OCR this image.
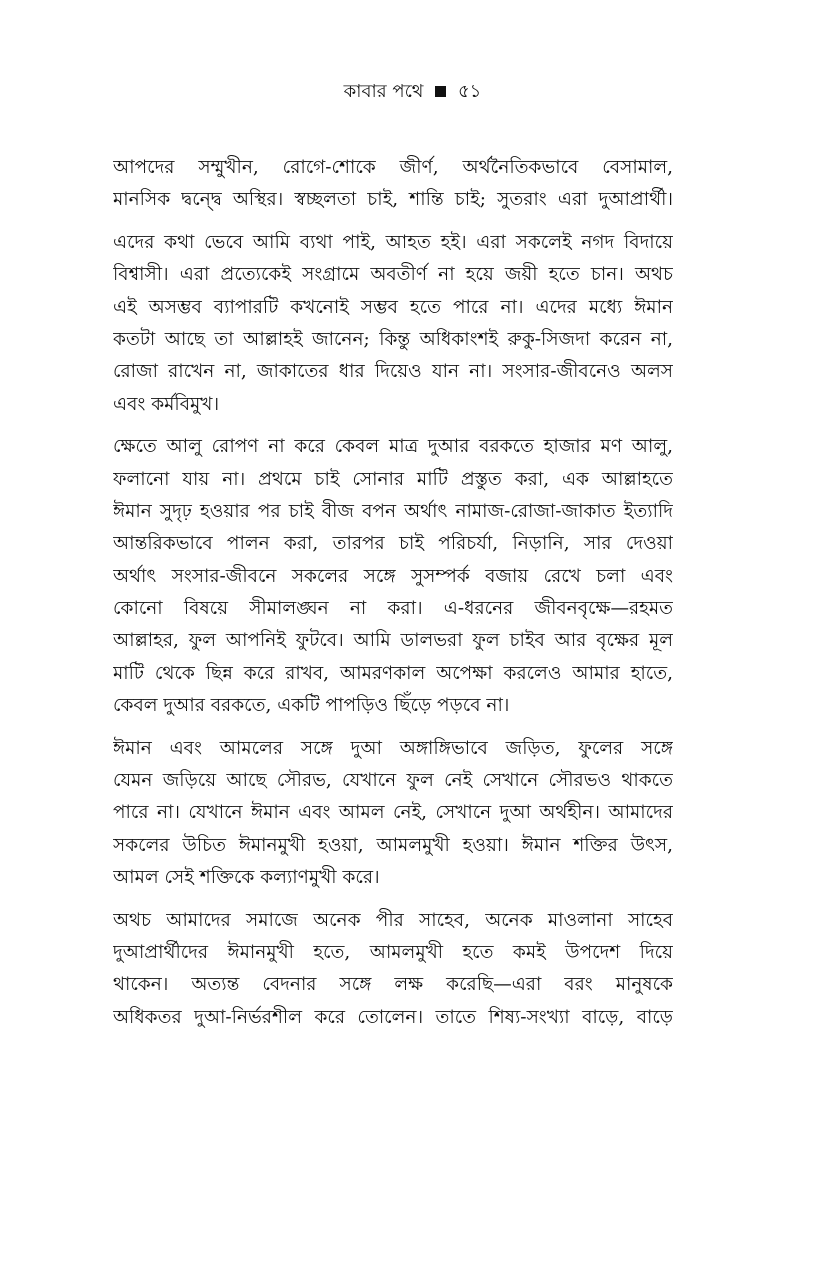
কাবার পথে ৫১
আপদের সম্মুখীন, রোগে-শোকে জীর্ণ, অর্থনৈতিকভাবে বেসামাল,
মানসিক দ্বন্দ্বে অস্থির। স্বচ্ছলতা চাই, শান্তি চাই; সুতরাং এরা দুআপ্রার্থী।
এদের কথা ভেবে আমি ব্যথা পাই, আহত হই। এরা সকলেই নগদ বিদায়ে
বিশ্বাসী। এরা প্রত্যেকেই সংগ্রামে অবতীর্ণ না হয়ে জয়ী হতে চান। অথচ
এই অসম্ভব ব্যাপারটি কখনোই সম্ভব হতে পারে না। এদের মধ্যে ঈমান
কতটা আছে তা আল্লাহই জানেন; কিন্তু অধিকাংশই রুকু-সিজদা করেন না,
রোজা রাখেন না, জাকাতের ধার দিয়েও যান না। সংসার-জীবনেও অলস
এবং কর্মবিমুখ।
ক্ষেতে আলু রোপণ না করে কেবল মাত্র দুআর বরকতে হাজার মণ আলু,
ফলানো যায় না। প্রথমে চাই সোনার মাটি প্রস্তুত করা, এক আল্লাহতে
ঈমান সুদৃঢ় হওয়ার পর চাই বীজ বপন অর্থাৎ নামাজ-রোজা-জাকাত ইত্যাদি
আন্তরিকভাবে পালন করা, তারপর চাই পরিচর্যা, নিড়ানি, সার দেওয়া
অর্থাৎ সংসার-জীবনে সকলের সঙ্গে সুসম্পর্ক বজায় রেখে চলা এবং
কোনো বিষয়ে সীমালঙ্ঘন না করা। এ-ধরনের জীবনবৃক্ষে—রহমত
আল্লাহর, ফুল আপনিই ফুটবে। আমি ডালভরা ফুল চাইব আর বৃক্ষের মূল
মাটি থেকে ছিন্ন করে রাখব, আমরণকাল অপেক্ষা করলেও আমার হাতে,
কেবল দুআর বরকতে, একটি পাপড়িও ছিঁড়ে পড়বে না।
ঈমান এবং আমলের সঙ্গে দুআ অঙ্গাঙ্গিভাবে জড়িত, ফুলের সঙ্গে
যেমন জড়িয়ে আছে সৌরভ, যেখানে ফুল নেই সেখানে সৌরভও থাকতে
পারে না। যেখানে ঈমান এবং আমল নেই, সেখানে দুআ অর্থহীন। আমাদের
সকলের উচিত ঈমানমুখী হওয়া, আমলমুখী হওয়া। ঈমান শক্তির উৎস,
আমল সেই শক্তিকে কল্যাণমুখী করে।
অথচ আমাদের সমাজে অনেক পীর সাহেব, অনেক মাওলানা সাহেব
দুআপ্রার্থীদের ঈমানমুখী হতে, আমলমুখী হতে কমই উপদেশ দিয়ে
থাকেন। অত্যন্ত বেদনার সঙ্গে লক্ষ করেছি—এরা বরং মানুষকে
অধিকতর দুআ-নির্ভরশীল করে তোলেন। তাতে শিষ্য-সংখ্যা বাড়ে, বাড়ে
